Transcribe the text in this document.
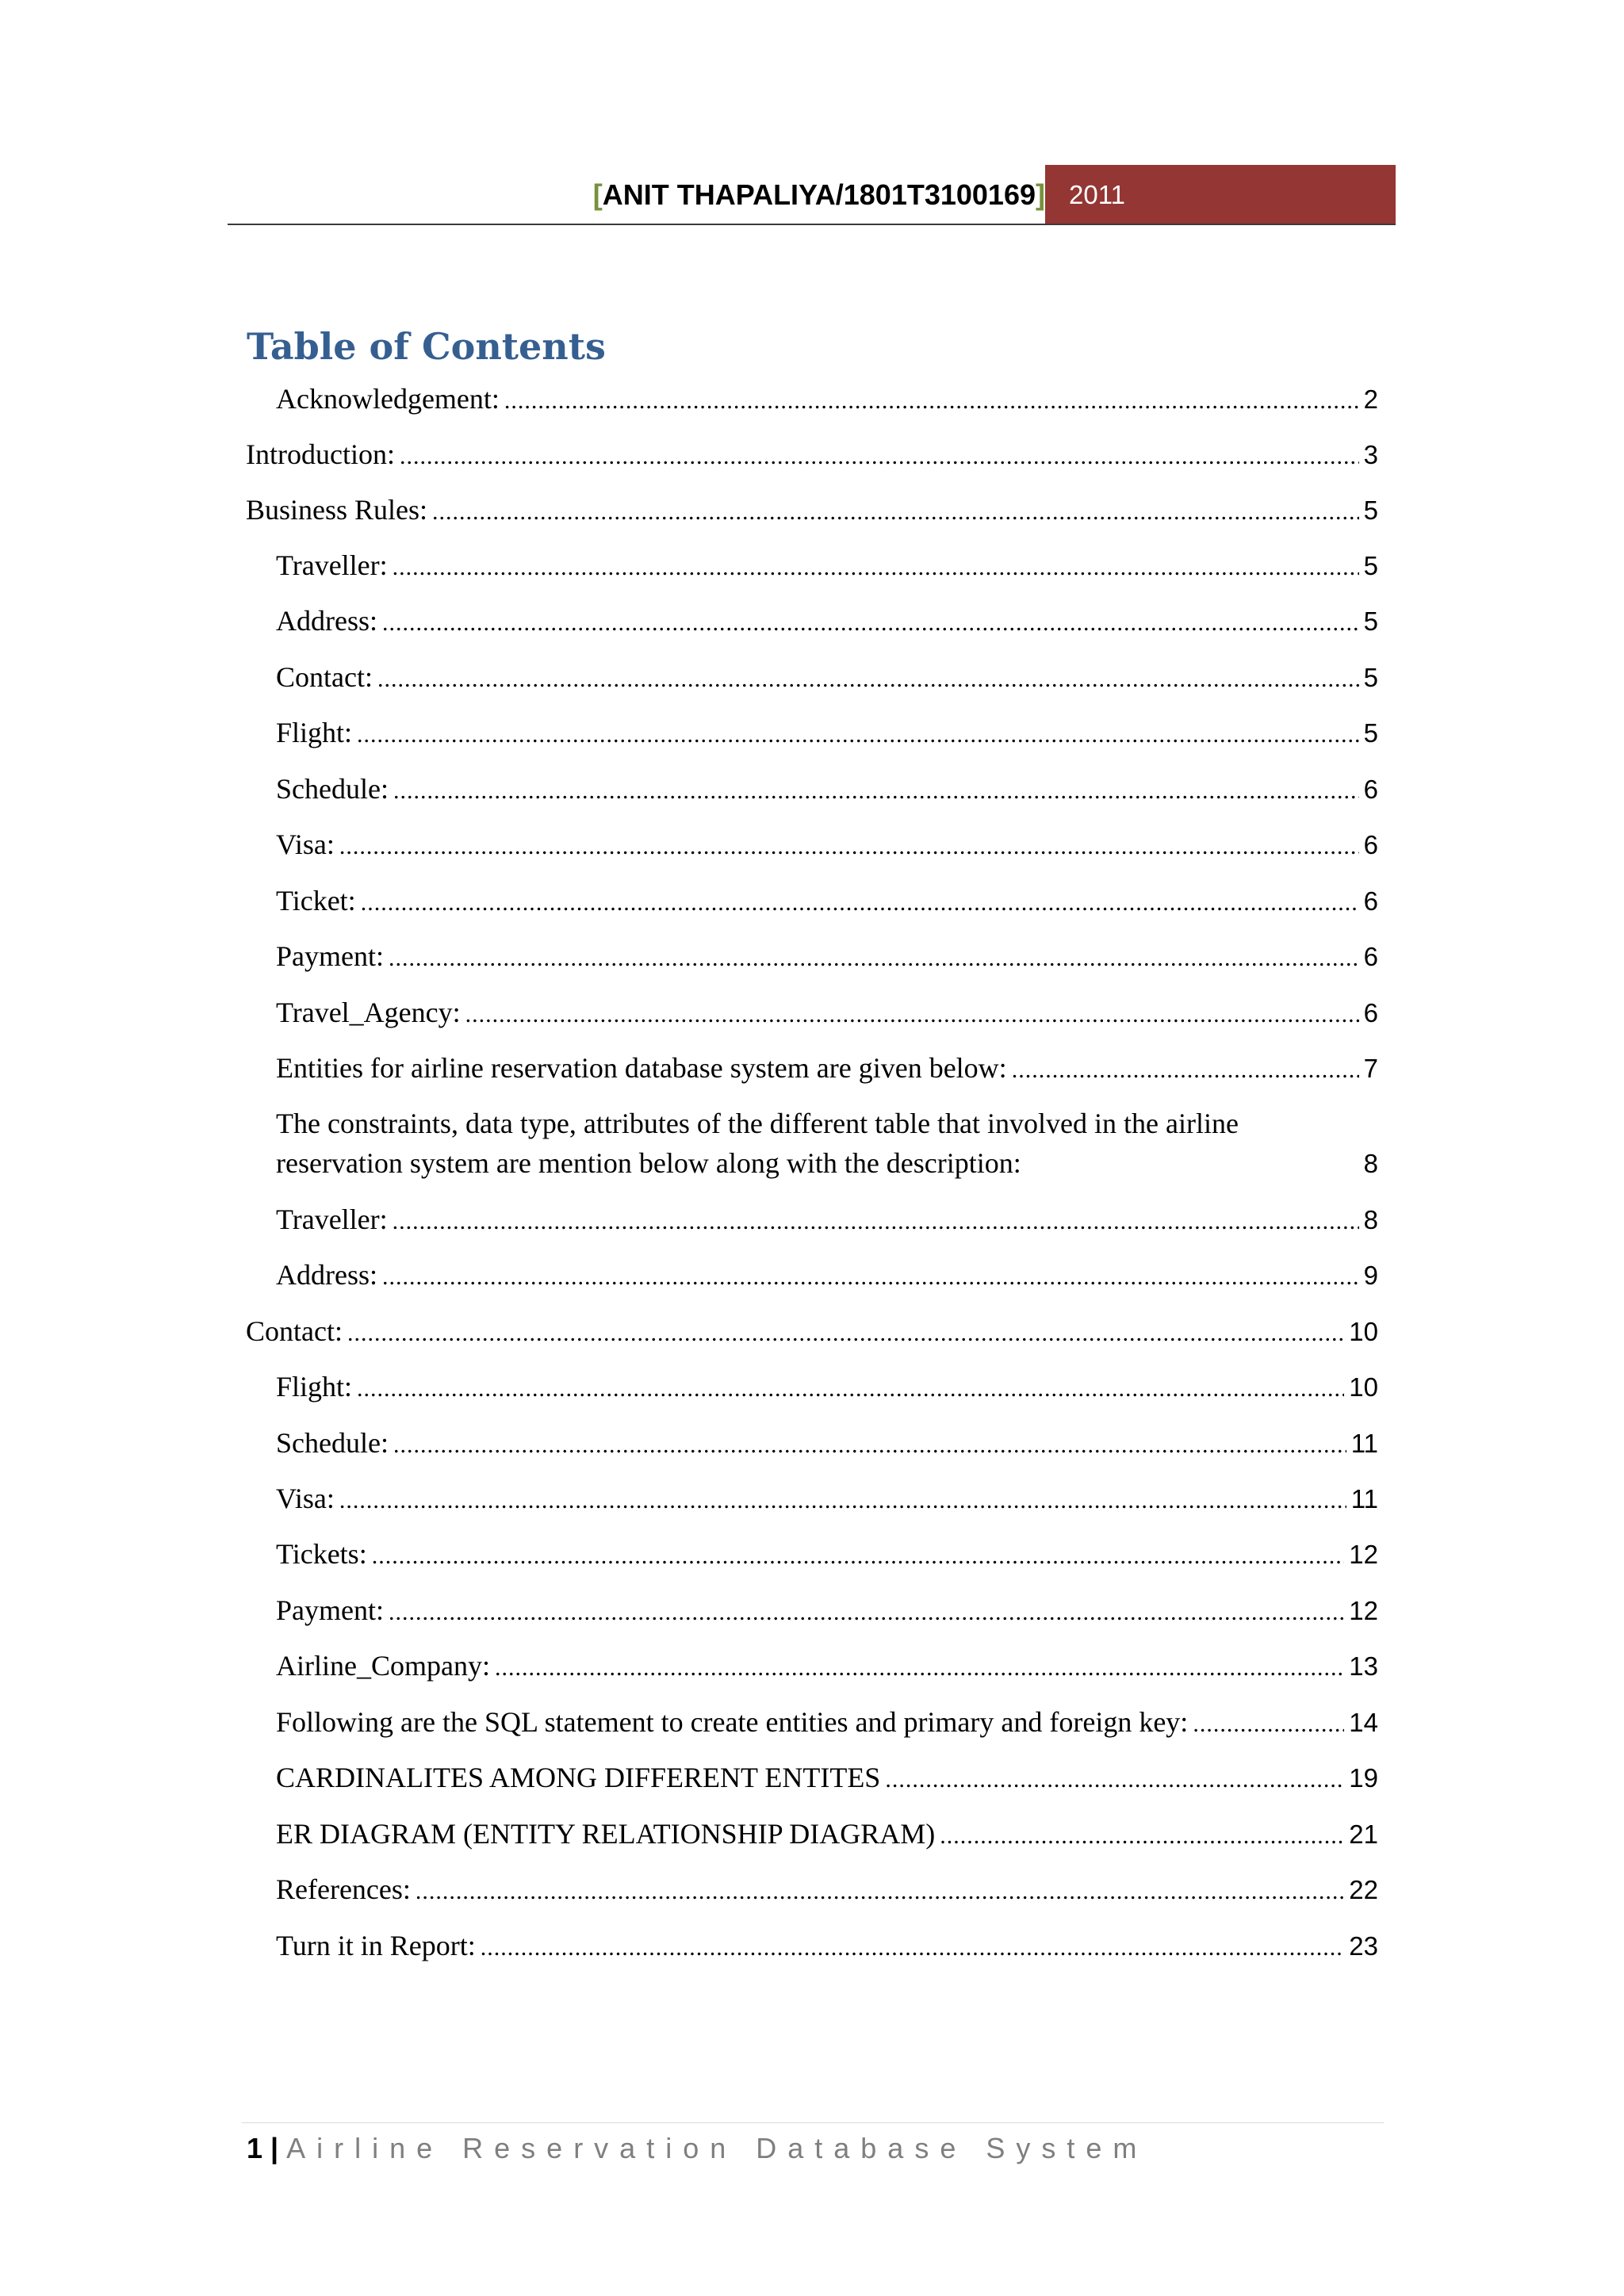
[ANIT THAPALIYA/1801T3100169] 2011
Table of Contents
Acknowledgement: .....	2
Introduction: .....	3
Business Rules: .....	5
Traveller: .....	5
Address: .....	5
Contact: .....	5
Flight: .....	5
Schedule: .....	6
Visa: .....	6
Ticket: .....	6
Payment: .....	6
Travel_Agency: .....	6
Entities for airline reservation database system are given below: .....	7
The constraints, data type, attributes of the different table that involved in the airline
reservation system are mention below along with the description:	8
Traveller: .....	8
Address: .....	9
Contact: .....	10
Flight: .....	10
Schedule: .....	11
Visa: .....	11
Tickets: .....	12
Payment: .....	12
Airline_Company: .....	13
Following are the SQL statement to create entities and primary and foreign key: .....	14
CARDINALITES AMONG DIFFERENT ENTITES .....	19
ER DIAGRAM (ENTITY RELATIONSHIP DIAGRAM) .....	21
References: .....	22
Turn it in Report: .....	23
1 | Airline Reservation Database System
